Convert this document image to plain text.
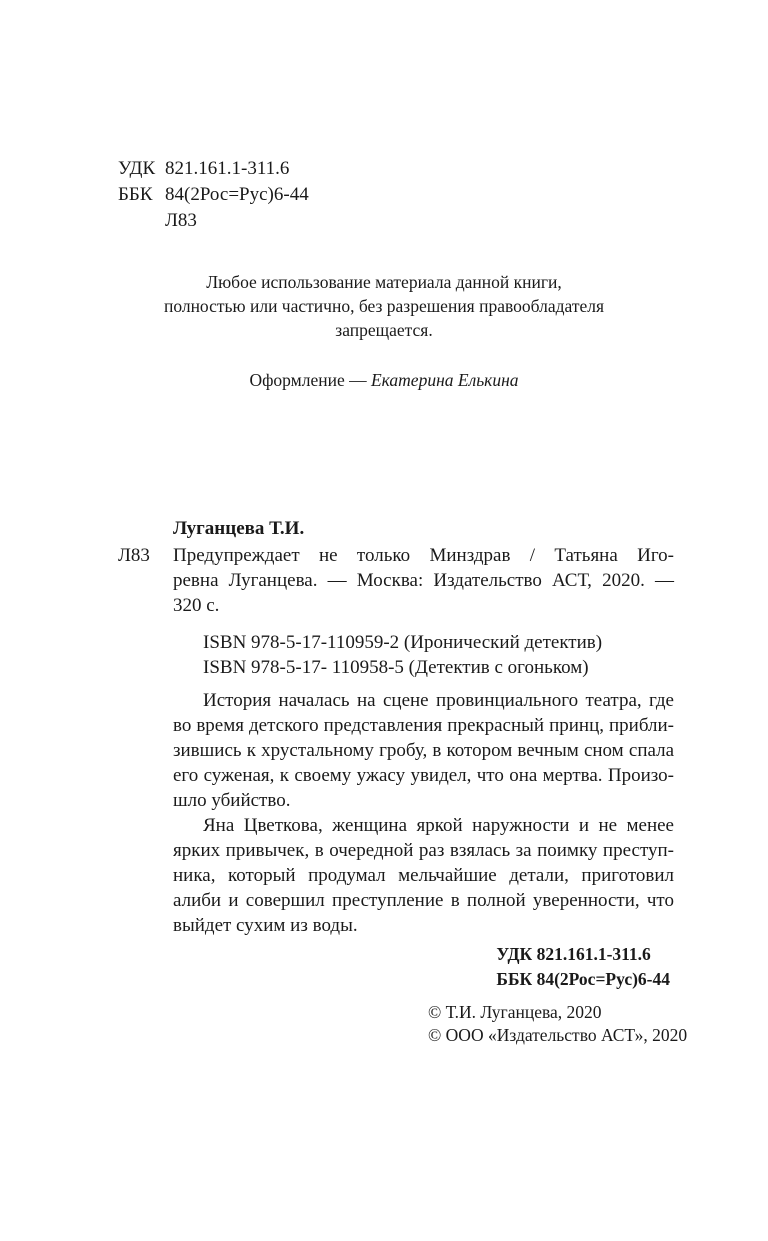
УДК 821.161.1-311.6
ББК 84(2Рос=Рус)6-44
Л83
Любое использование материала данной книги,
полностью или частично, без разрешения правообладателя
запрещается.
Оформление — Екатерина Елькина
Луганцева Т.И.
Л83 Предупреждает не только Минздрав / Татьяна Иго-
ревна Луганцева. — Москва: Издательство АСТ, 2020. —
320 с.
ISBN 978-5-17-110959-2 (Иронический детектив)
ISBN 978-5-17- 110958-5 (Детектив с огоньком)
История началась на сцене провинциального театра, где
во время детского представления прекрасный принц, прибли-
зившись к хрустальному гробу, в котором вечным сном спала
его суженая, к своему ужасу увидел, что она мертва. Произо-
шло убийство.
Яна Цветкова, женщина яркой наружности и не менее
ярких привычек, в очередной раз взялась за поимку преступ-
ника, который продумал мельчайшие детали, приготовил
алиби и совершил преступление в полной уверенности, что
выйдет сухим из воды.
УДК 821.161.1-311.6
ББК 84(2Рос=Рус)6-44
© Т.И. Луганцева, 2020
© ООО «Издательство АСТ», 2020
